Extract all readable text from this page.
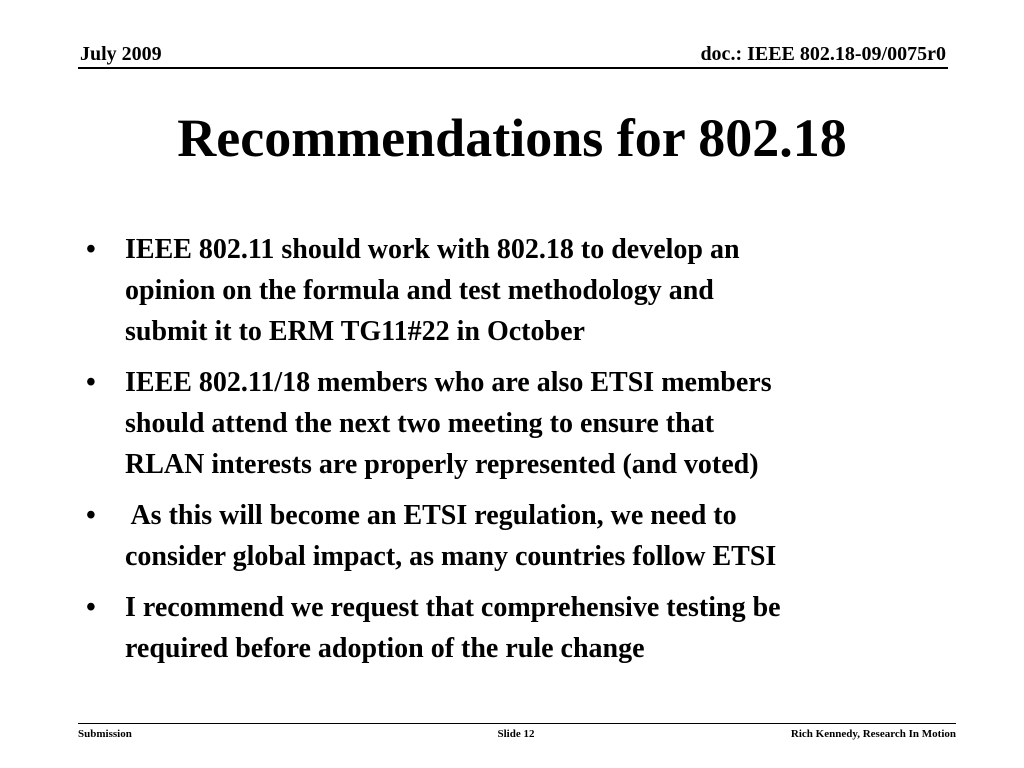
July 2009	doc.: IEEE 802.18-09/0075r0
Recommendations for 802.18
•	IEEE 802.11 should work with 802.18 to develop an
opinion on the formula and test methodology and
submit it to ERM TG11#22 in October
•	IEEE 802.11/18 members who are also ETSI members
should attend the next two meeting to ensure that
RLAN interests are properly represented (and voted)
•	As this will become an ETSI regulation, we need to
consider global impact, as many countries follow ETSI
•	I recommend we request that comprehensive testing be
required before adoption of the rule change
Submission	Slide 12	Rich Kennedy, Research In Motion
